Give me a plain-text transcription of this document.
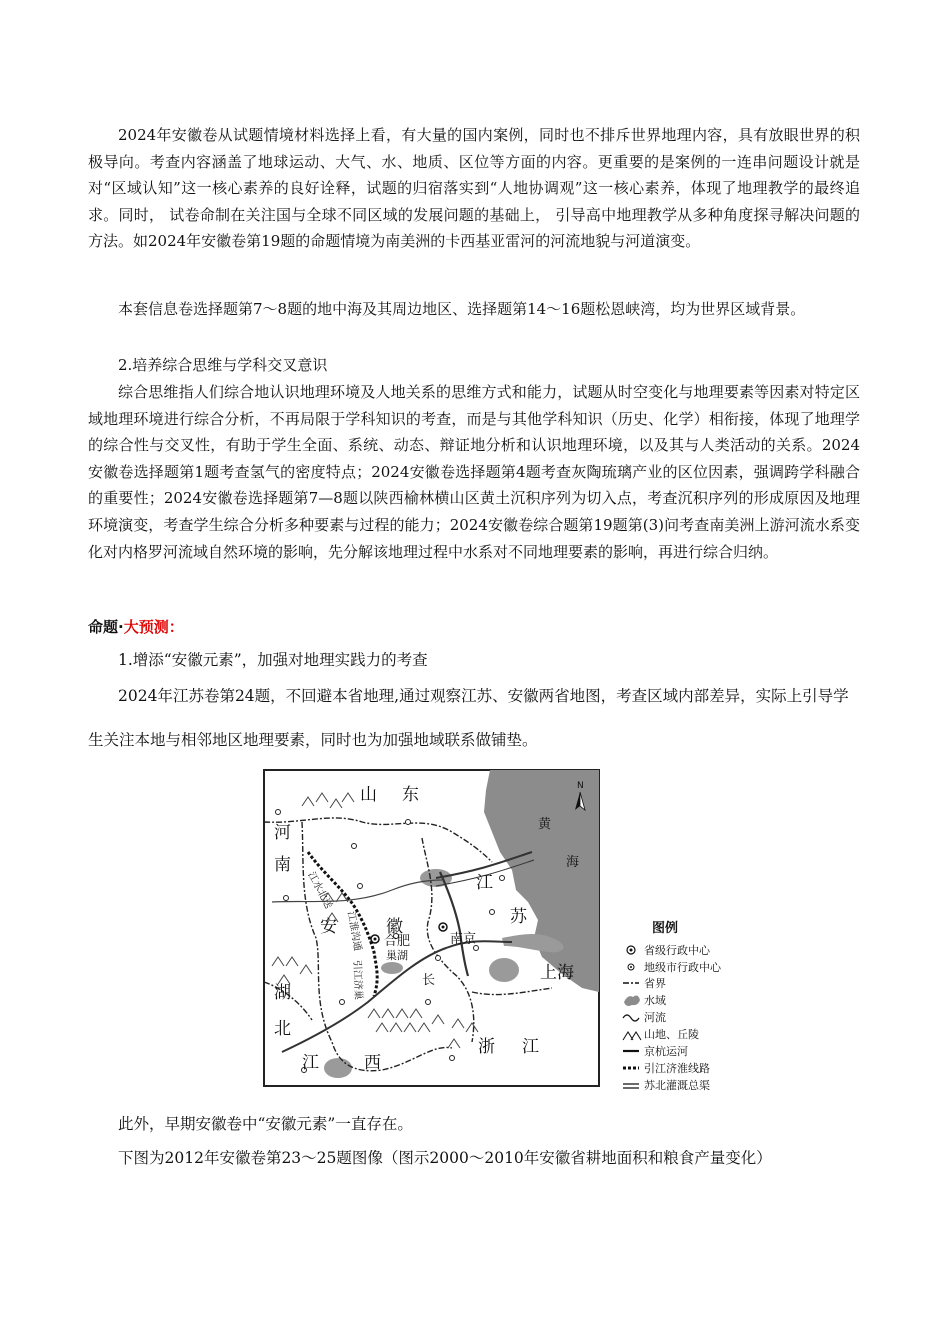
2024年安徽卷从试题情境材料选择上看，有大量的国内案例，同时也不排斥世界地理内容，具有放眼世界的积极导向。考查内容涵盖了地球运动、大气、水、地质、区位等方面的内容。更重要的是案例的一连串问题设计就是对“区域认知”这一核心素养的良好诠释，试题的归宿落实到“人地协调观”这一核心素养，体现了地理教学的最终追求。同时， 试卷命制在关注国与全球不同区域的发展问题的基础上， 引导高中地理教学从多种角度探寻解决问题的方法。如2024年安徽卷第19题的命题情境为南美洲的卡西基亚雷河的河流地貌与河道演变。

本套信息卷选择题第7～8题的地中海及其周边地区、选择题第14～16题松恩峡湾，均为世界区域背景。

2.培养综合思维与学科交叉意识

综合思维指人们综合地认识地理环境及人地关系的思维方式和能力，试题从时空变化与地理要素等因素对特定区域地理环境进行综合分析，不再局限于学科知识的考查，而是与其他学科知识（历史、化学）相衔接，体现了地理学的综合性与交叉性，有助于学生全面、系统、动态、辩证地分析和认识地理环境，以及其与人类活动的关系。2024安徽卷选择题第1题考查氢气的密度特点；2024安徽卷选择题第4题考查灰陶琉璃产业的区位因素，强调跨学科融合的重要性；2024安徽卷选择题第7—8题以陕西榆林横山区黄土沉积序列为切入点，考查沉积序列的形成原因及地理环境演变，考查学生综合分析多种要素与过程的能力；2024安徽卷综合题第19题第(3)问考查南美洲上游河流水系变化对内格罗河流域自然环境的影响，先分解该地理过程中水系对不同地理要素的影响，再进行综合归纳。

命题·大预测：

1.增添“安徽元素”，加强对地理实践力的考查

2024年江苏卷第24题，不回避本省地理,通过观察江苏、安徽两省地图，考查区域内部差异，实际上引导学生关注本地与相邻地区地理要素，同时也为加强地域联系做铺垫。

山 东
河
南
安	徽
江
苏
湖
北
江	西
浙 江
上海
黄
海
合肥	南京
巢湖
长
江水北送
江淮沟通
引江济巢
N
图例
省级行政中心
地级市行政中心
省界
水域
河流
山地、丘陵
京杭运河
引江济淮线路
苏北灌溉总渠

此外，早期安徽卷中“安徽元素”一直存在。

下图为2012年安徽卷第23～25题图像（图示2000～2010年安徽省耕地面积和粮食产量变化）
